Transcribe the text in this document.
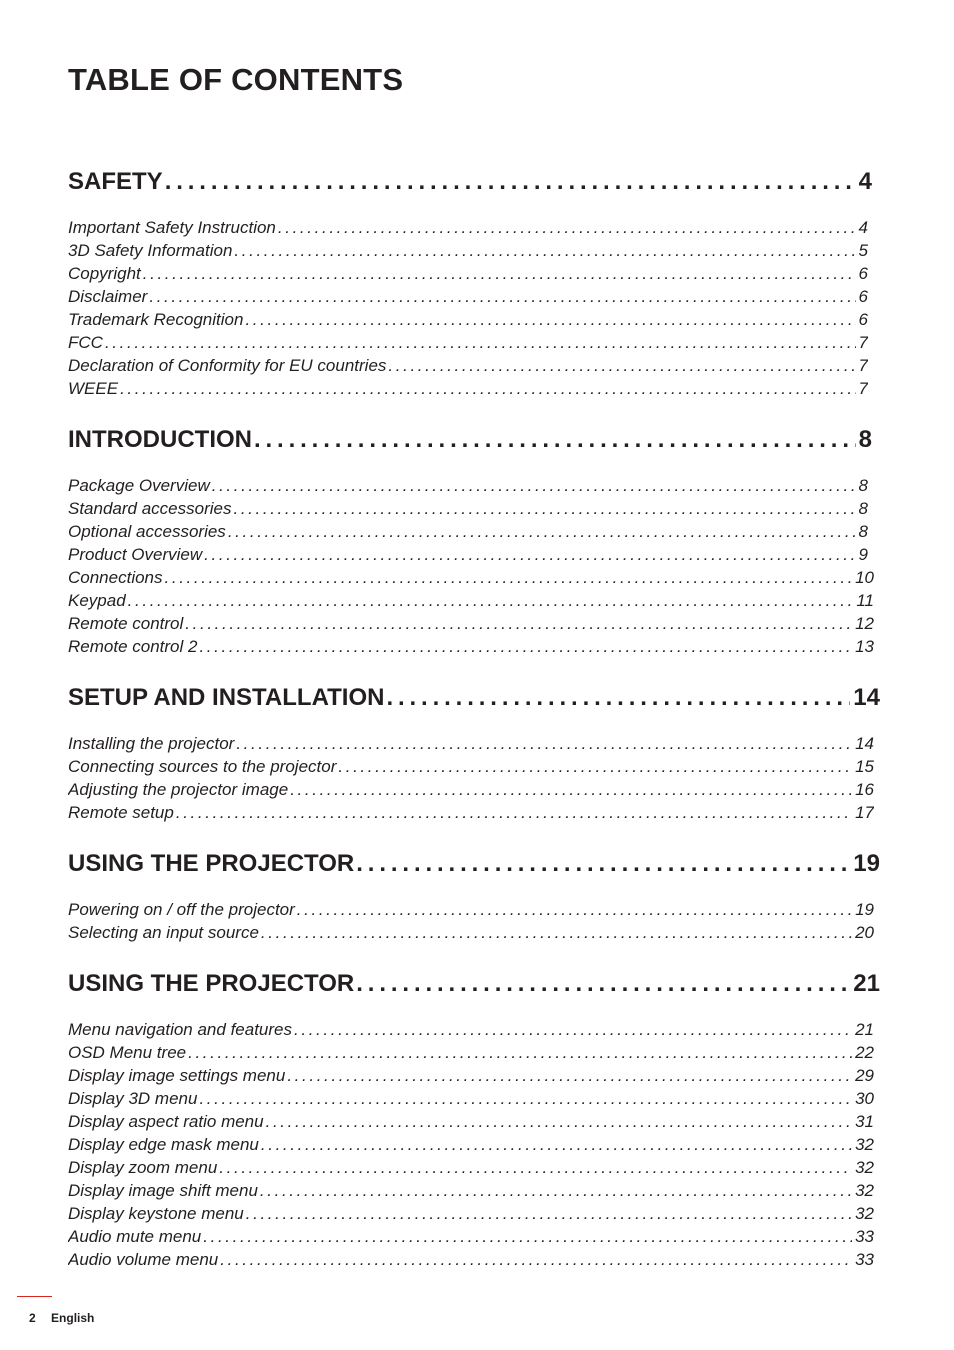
TABLE OF CONTENTS
SAFETY . . .	4
Important Safety Instruction . . .	4
3D Safety Information . . .	5
Copyright . . .	6
Disclaimer . . .	6
Trademark Recognition . . .	6
FCC . . .	7
Declaration of Conformity for EU countries . . .	7
WEEE . . .	7
INTRODUCTION . . .	8
Package Overview . . .	8
Standard accessories . . .	8
Optional accessories . . .	8
Product Overview . . .	9
Connections . . .	10
Keypad . . .	11
Remote control . . .	12
Remote control 2 . . .	13
SETUP AND INSTALLATION . . .	14
Installing the projector . . .	14
Connecting sources to the projector . . .	15
Adjusting the projector image . . .	16
Remote setup . . .	17
USING THE PROJECTOR . . .	19
Powering on / off the projector . . .	19
Selecting an input source . . .	20
USING THE PROJECTOR . . .	21
Menu navigation and features . . .	21
OSD Menu tree . . .	22
Display image settings menu . . .	29
Display 3D menu . . .	30
Display aspect ratio menu . . .	31
Display edge mask menu . . .	32
Display zoom menu . . .	32
Display image shift menu . . .	32
Display keystone menu . . .	32
Audio mute menu . . .	33
Audio volume menu . . .	33
2 English
